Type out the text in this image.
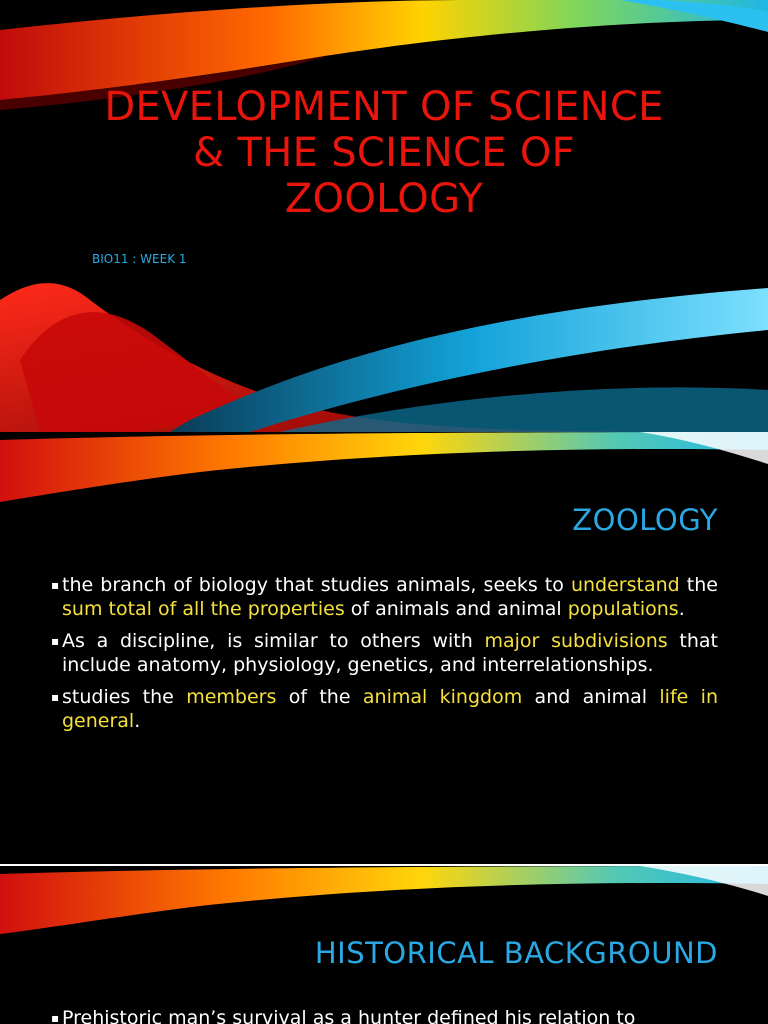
DEVELOPMENT OF SCIENCE
& THE SCIENCE OF
ZOOLOGY
BIO11 : WEEK 1
ZOOLOGY
▪ the branch of biology that studies animals, seeks to understand the sum total of all the properties of animals and animal populations.
▪ As a discipline, is similar to others with major subdivisions that include anatomy, physiology, genetics, and interrelationships.
▪ studies the members of the animal kingdom and animal life in general.
HISTORICAL BACKGROUND
▪ Prehistoric man’s survival as a hunter defined his relation to
